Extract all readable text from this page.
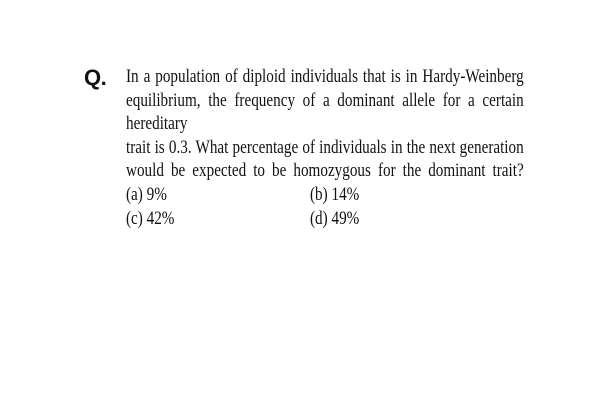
Q. In a population of diploid individuals that is in Hardy-Weinberg
equilibrium, the frequency of a dominant allele for a certain hereditary
trait is 0.3. What percentage of individuals in the next generation
would be expected to be homozygous for the dominant trait?
(a) 9%	(b) 14%
(c) 42%	(d) 49%
